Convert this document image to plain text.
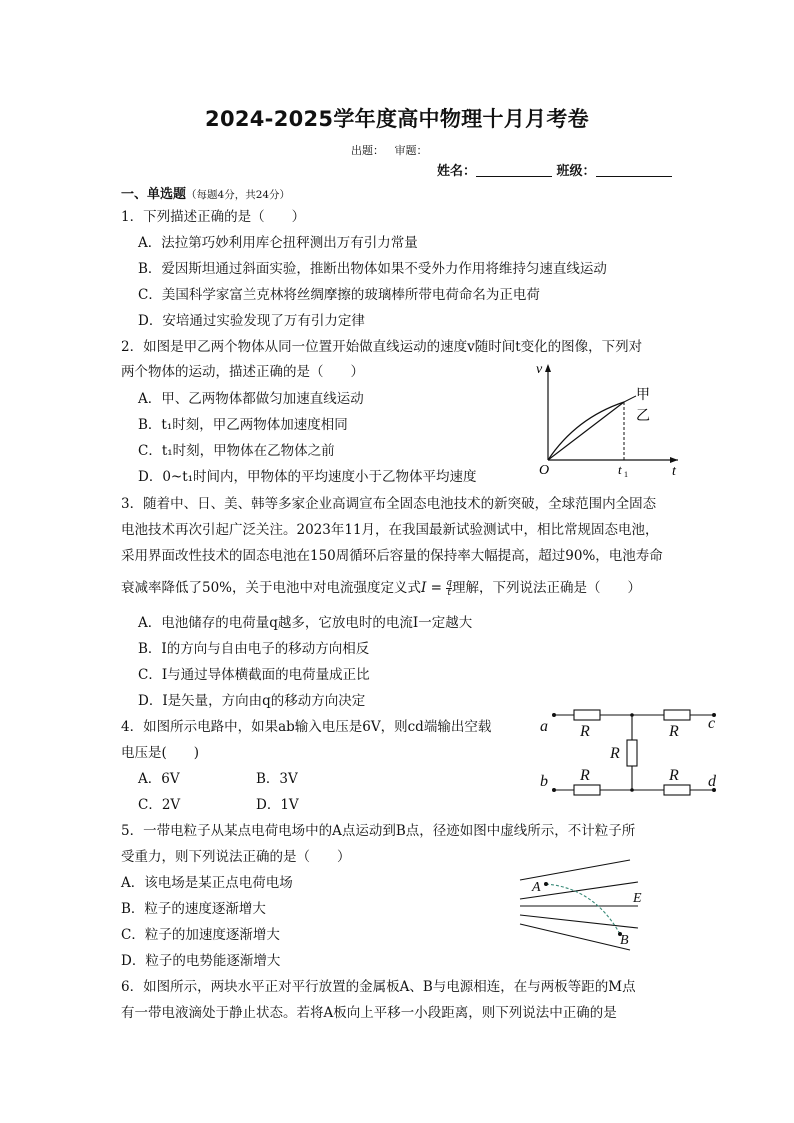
2024-2025学年度高中物理十月月考卷
出题： 审题：
姓名：	班级：
一、单选题（每题4分，共24分）
1．下列描述正确的是（　　）
A．法拉第巧妙利用库仑扭秤测出万有引力常量
B．爱因斯坦通过斜面实验，推断出物体如果不受外力作用将维持匀速直线运动
C．美国科学家富兰克林将丝绸摩擦的玻璃棒所带电荷命名为正电荷
D．安培通过实验发现了万有引力定律
2．如图是甲乙两个物体从同一位置开始做直线运动的速度v随时间t变化的图像，下列对
两个物体的运动，描述正确的是（　　）
A．甲、乙两物体都做匀加速直线运动
B．t₁时刻，甲乙两物体加速度相同
C．t₁时刻，甲物体在乙物体之前
D．0~t₁时间内，甲物体的平均速度小于乙物体平均速度
v
O	t
t 1
甲
乙
3．随着中、日、美、韩等多家企业高调宣布全固态电池技术的新突破，全球范围内全固态
电池技术再次引起广泛关注。2023年11月，在我国最新试验测试中，相比常规固态电池，
采用界面改性技术的固态电池在150周循环后容量的保持率大幅提高，超过90%，电池寿命
衰减率降低了50%，关于电池中对电流强度定义式$I = \frac{q}{t}$ 理解，下列说法正确是（　　）
A．电池储存的电荷量q越多，它放电时的电流I一定越大
B．I的方向与自由电子的移动方向相反
C．I与通过导体横截面的电荷量成正比
D．I是矢量，方向由q的移动方向决定
4．如图所示电路中，如果ab输入电压是6V，则cd端输出空载
电压是(　　)
A．6V	B．3V
C．2V	D．1V
a
b
c
d
R	R
R
R	R
5．一带电粒子从某点电荷电场中的A点运动到B点，径迹如图中虚线所示，不计粒子所
受重力，则下列说法正确的是（　　）
A．该电场是某正点电荷电场
B．粒子的速度逐渐增大
C．粒子的加速度逐渐增大
D．粒子的电势能逐渐增大
A
B
E
6．如图所示，两块水平正对平行放置的金属板A、B与电源相连，在与两板等距的M点
有一带电液滴处于静止状态。若将A板向上平移一小段距离，则下列说法中正确的是
